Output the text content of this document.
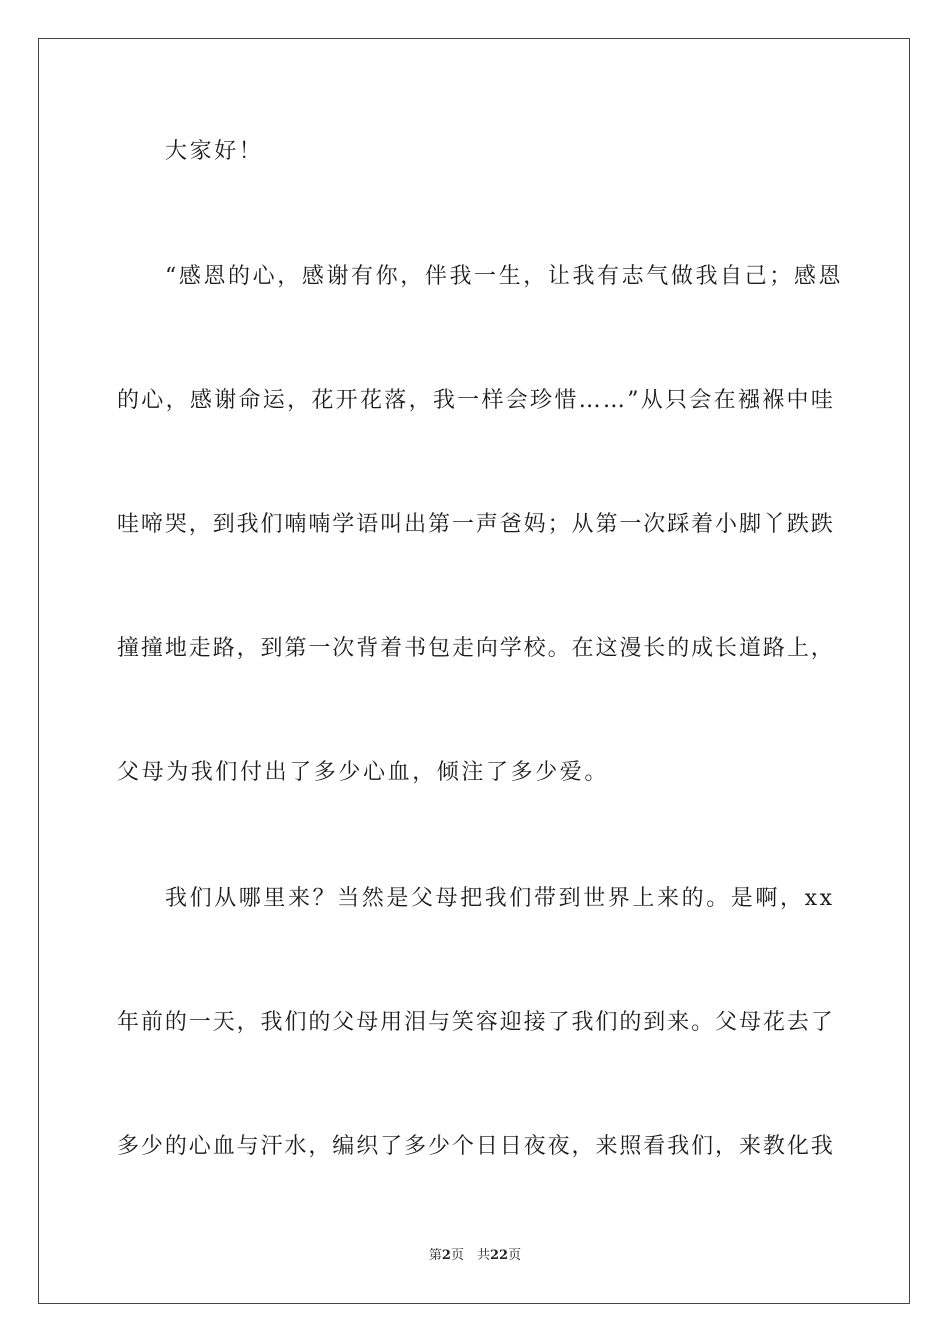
大家好！
“感恩的心，感谢有你，伴我一生，让我有志气做我自己；感恩
的 心 ， 感 谢 命 运 ， 花 开 花 落 ， 我 一 样 会 珍 惜 … … ” 从 只 会 在 襁 褓 中 哇
哇 啼 哭 ， 到 我 们 喃 喃 学 语 叫 出 第 一 声 爸 妈 ； 从 第 一 次 踩 着 小 脚 丫 跌 跌
撞 撞 地 走 路 ， 到 第 一 次 背 着 书 包 走 向 学 校 。 在 这 漫 长 的 成 长 道 路 上 ，
父母为我们付出了多少心血，倾注了多少爱。
我们从哪里来？当然是父母把我们带到世界上来的。是啊，xx
年 前 的 一 天 ， 我 们 的 父 母 用 泪 与 笑 容 迎 接 了 我 们 的 到 来 。 父 母 花 去 了
多 少 的 心 血 与 汗 水 ， 编 织 了 多 少 个 日 日 夜 夜 ， 来 照 看 我 们 ， 来 教 化 我
第2页　共22页
